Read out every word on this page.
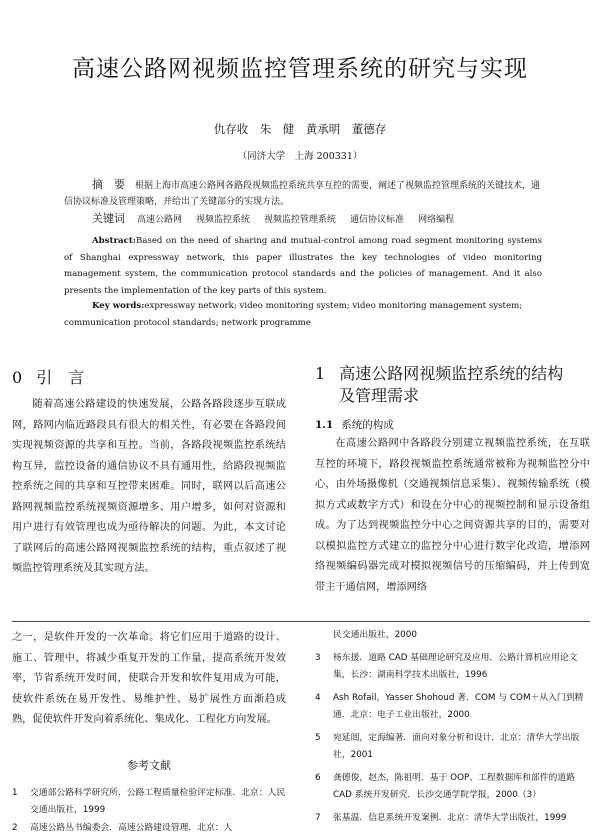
高速公路网视频监控管理系统的研究与实现
仇存收　朱　健　黄承明　董德存
（同济大学　上海 200331）
摘　要 根据上海市高速公路网各路段视频监控系统共享互控的需要，阐述了视频监控管理系统的关键技术，通信协议标准及管理策略，并给出了关键部分的实现方法。
关键词 高速公路网 视频监控系统 视频监控管理系统 通信协议标准 网络编程
Abstract:Based on the need of sharing and mutual-control among road segment monitoring systems of Shanghai expressway network, this paper illustrates the key technologies of video monitoring management system, the communication protocol standards and the policies of management. And it also presents the implementation of the key parts of this system.
Key words:expressway network; video monitoring system; video monitoring management system; communication protocol standards; network programme
0 引　言

随着高速公路建设的快速发展，公路各路段逐步互联成网，路网内临近路段具有很大的相关性，有必要在各路段间实现视频资源的共享和互控。当前，各路段视频监控系统结构互异，监控设备的通信协议不具有通用性，给路段视频监控系统之间的共享和互控带来困难。同时，联网以后高速公路网视频监控系统视频资源增多、用户增多，如何对资源和用户进行有效管理也成为亟待解决的问题。为此，本文讨论了联网后的高速公路网视频监控系统的结构，重点叙述了视频监控管理系统及其实现方法。

1 高速公路网视频监控系统的结构
及管理需求
1.1 系统的构成

在高速公路网中各路段分别建立视频监控系统，在互联互控的环境下，路段视频监控系统通常被称为视频监控分中心，由外场摄像机（交通视频信息采集）、视频传输系统（模拟方式或数字方式）和设在分中心的视频控制和显示设备组成。为了达到视频监控分中心之间资源共享的目的，需要对以模拟监控方式建立的监控分中心进行数字化改造，增添网络视频编码器完成对模拟视频信号的压缩编码，并上传到宽带主干通信网，增添网络

之一，是软件开发的一次革命。将它们应用于道路的设计、施工、管理中，将减少重复开发的工作量，提高系统开发效率，节省系统开发时间，使联合开发和软件复用成为可能，使软件系统在易开发性、易维护性、易扩展性方面渐趋成熟，促使软件开发向着系统化、集成化、工程化方向发展。

参考文献
1 交通部公路科学研究所．公路工程质量检验评定标准．北京：人民交通出版社，1999
2 高速公路丛书编委会．高速公路建设管理．北京：人
民交通出版社，2000
3 杨东援．道路 CAD 基础理论研究及应用．公路计算机应用论文集，长沙：湖南科学技术出版社，1996
4 Ash Rofail，Yasser Shohoud 著．COM 与 COM＋从入门到精通．北京：电子工业出版社，2000
5 宛延闿，定海编著．面向对象分析和设计．北京：清华大学出版社，2001
6 龚德俊，赵杰，陈祖明．基于 OOP、工程数据库和部件的道路 CAD 系统开发研究．长沙交通学院学报，2000（3）
7 张基温．信息系统开发案例．北京：清华大学出版社，1999
